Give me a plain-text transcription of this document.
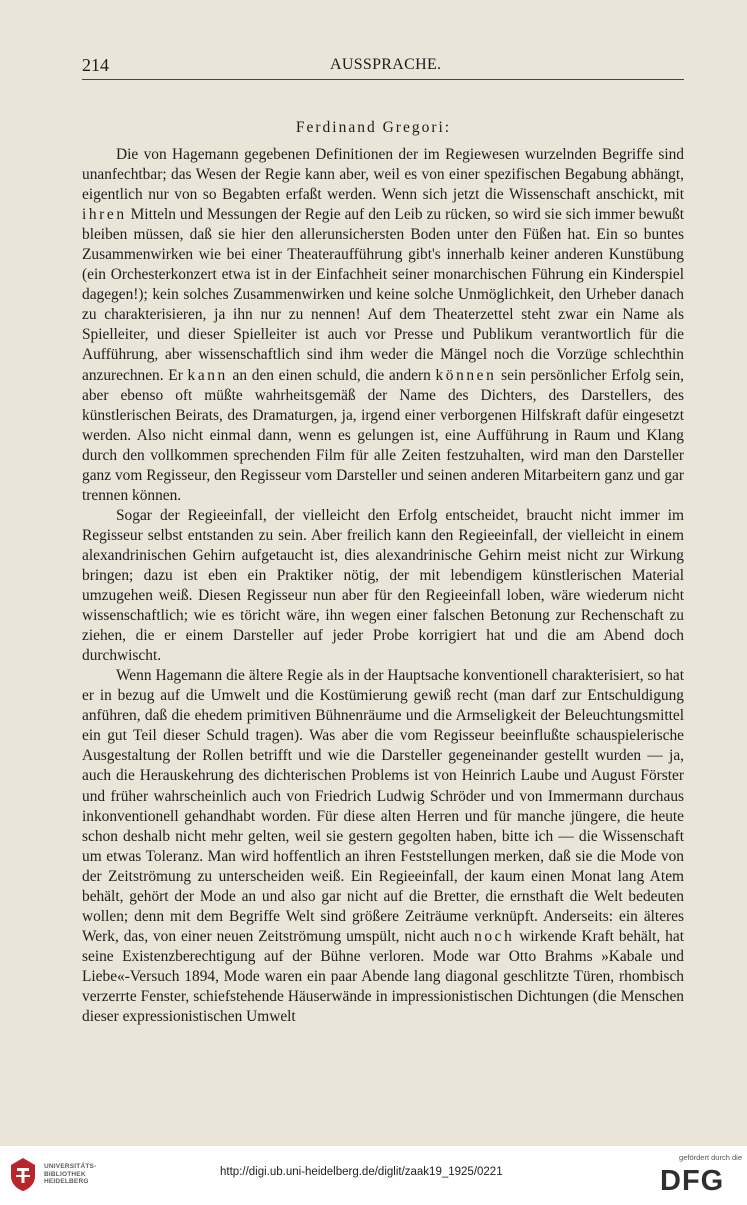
214	AUSSPRACHE.
Ferdinand Gregori:

Die von Hagemann gegebenen Definitionen der im Regiewesen wurzelnden Begriffe sind unanfechtbar; das Wesen der Regie kann aber, weil es von einer spezifischen Begabung abhängt, eigentlich nur von so Begabten erfaßt werden. Wenn sich jetzt die Wissenschaft anschickt, mit ihren Mitteln und Messungen der Regie auf den Leib zu rücken, so wird sie sich immer bewußt bleiben müssen, daß sie hier den allerunsichersten Boden unter den Füßen hat. Ein so buntes Zusammenwirken wie bei einer Theateraufführung gibt's innerhalb keiner anderen Kunstübung (ein Orchesterkonzert etwa ist in der Einfachheit seiner monarchischen Führung ein Kinderspiel dagegen!); kein solches Zusammenwirken und keine solche Unmöglichkeit, den Urheber danach zu charakterisieren, ja ihn nur zu nennen! Auf dem Theaterzettel steht zwar ein Name als Spielleiter, und dieser Spielleiter ist auch vor Presse und Publikum verantwortlich für die Aufführung, aber wissenschaftlich sind ihm weder die Mängel noch die Vorzüge schlechthin anzurechnen. Er kann an den einen schuld, die andern können sein persönlicher Erfolg sein, aber ebenso oft müßte wahrheitsgemäß der Name des Dichters, des Darstellers, des künstlerischen Beirats, des Dramaturgen, ja, irgend einer verborgenen Hilfskraft dafür eingesetzt werden. Also nicht einmal dann, wenn es gelungen ist, eine Aufführung in Raum und Klang durch den vollkommen sprechenden Film für alle Zeiten festzuhalten, wird man den Darsteller ganz vom Regisseur, den Regisseur vom Darsteller und seinen anderen Mitarbeitern ganz und gar trennen können.

Sogar der Regieeinfall, der vielleicht den Erfolg entscheidet, braucht nicht immer im Regisseur selbst entstanden zu sein. Aber freilich kann den Regieeinfall, der vielleicht in einem alexandrinischen Gehirn aufgetaucht ist, dies alexandrinische Gehirn meist nicht zur Wirkung bringen; dazu ist eben ein Praktiker nötig, der mit lebendigem künstlerischen Material umzugehen weiß. Diesen Regisseur nun aber für den Regieeinfall loben, wäre wiederum nicht wissenschaftlich; wie es töricht wäre, ihn wegen einer falschen Betonung zur Rechenschaft zu ziehen, die er einem Darsteller auf jeder Probe korrigiert hat und die am Abend doch durchwischt.

Wenn Hagemann die ältere Regie als in der Hauptsache konventionell charakterisiert, so hat er in bezug auf die Umwelt und die Kostümierung gewiß recht (man darf zur Entschuldigung anführen, daß die ehedem primitiven Bühnenräume und die Armseligkeit der Beleuchtungsmittel ein gut Teil dieser Schuld tragen). Was aber die vom Regisseur beeinflußte schauspielerische Ausgestaltung der Rollen betrifft und wie die Darsteller gegeneinander gestellt wurden — ja, auch die Herauskehrung des dichterischen Problems ist von Heinrich Laube und August Förster und früher wahrscheinlich auch von Friedrich Ludwig Schröder und von Immermann durchaus inkonventionell gehandhabt worden. Für diese alten Herren und für manche jüngere, die heute schon deshalb nicht mehr gelten, weil sie gestern gegolten haben, bitte ich — die Wissenschaft um etwas Toleranz. Man wird hoffentlich an ihren Feststellungen merken, daß sie die Mode von der Zeitströmung zu unterscheiden weiß. Ein Regieeinfall, der kaum einen Monat lang Atem behält, gehört der Mode an und also gar nicht auf die Bretter, die ernsthaft die Welt bedeuten wollen; denn mit dem Begriffe Welt sind größere Zeiträume verknüpft. Anderseits: ein älteres Werk, das, von einer neuen Zeitströmung umspült, nicht auch noch wirkende Kraft behält, hat seine Existenzberechtigung auf der Bühne verloren. Mode war Otto Brahms »Kabale und Liebe«-Versuch 1894, Mode waren ein paar Abende lang diagonal geschlitzte Türen, rhombisch verzerrte Fenster, schiefstehende Häuserwände in impressionistischen Dichtungen (die Menschen dieser expressionistischen Umwelt

UNIVERSITÄTS-
BIBLIOTHEK
HEIDELBERG
http://digi.ub.uni-heidelberg.de/diglit/zaak19_1925/0221
gefördert durch die
DFG
